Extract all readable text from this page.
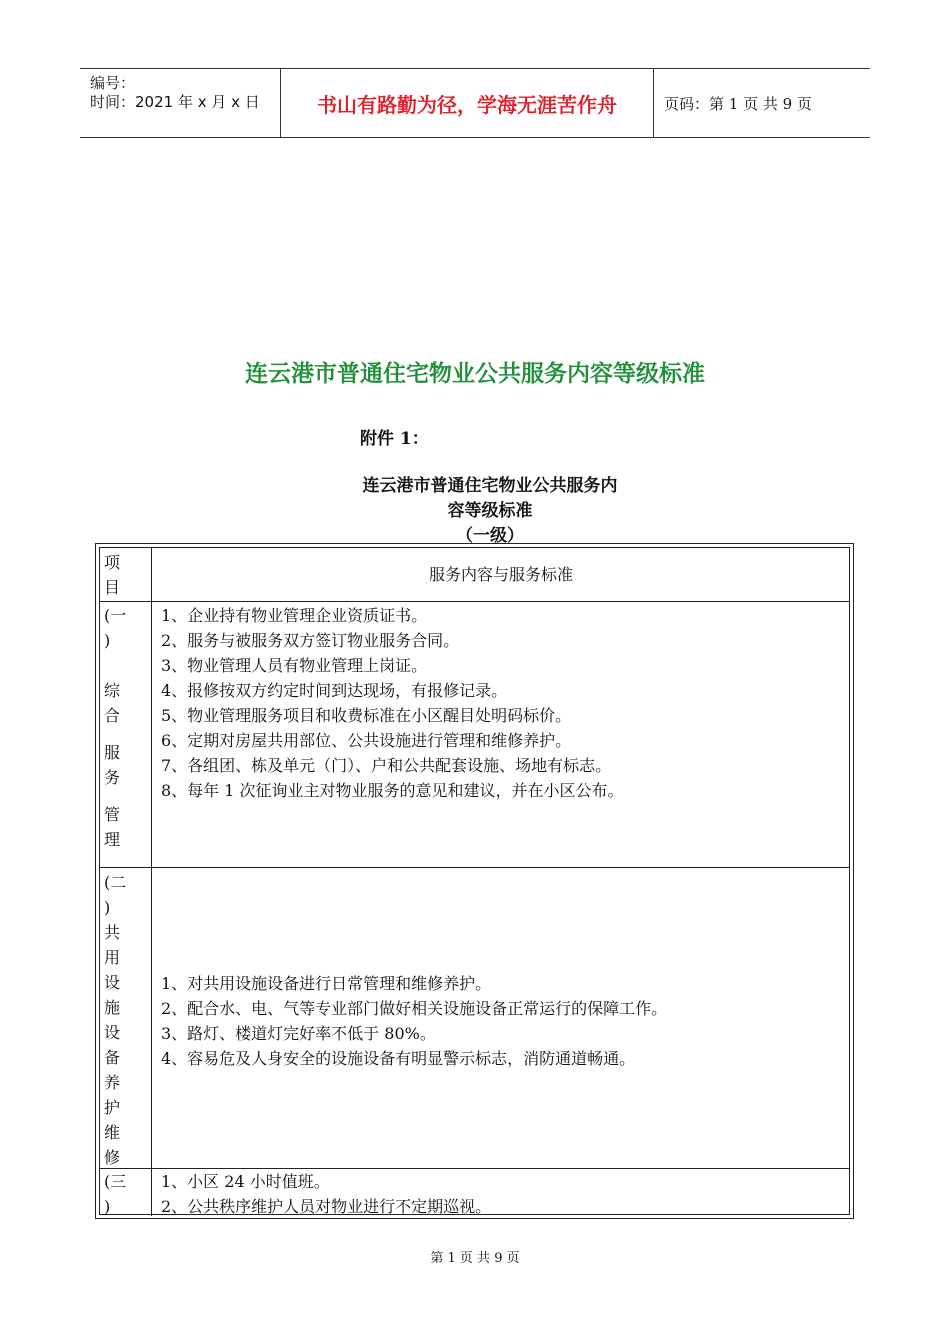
编号：
时间：2021 年 x 月 x 日	书山有路勤为径，学海无涯苦作舟	页码：第 1 页 共 9 页
连云港市普通住宅物业公共服务内容等级标准
附件 1：
连云港市普通住宅物业公共服务内
容等级标准
（一级）
项
目
服务内容与服务标准
(一
)
综
合
服
务
管
理
1、企业持有物业管理企业资质证书。
2、服务与被服务双方签订物业服务合同。
3、物业管理人员有物业管理上岗证。
4、报修按双方约定时间到达现场，有报修记录。
5、物业管理服务项目和收费标准在小区醒目处明码标价。
6、定期对房屋共用部位、公共设施进行管理和维修养护。
7、各组团、栋及单元（门）、户和公共配套设施、场地有标志。
8、每年 1 次征询业主对物业服务的意见和建议，并在小区公布。
(二
)
共
用
设
施
设
备
养
护
维
修
1、对共用设施设备进行日常管理和维修养护。
2、配合水、电、气等专业部门做好相关设施设备正常运行的保障工作。
3、路灯、楼道灯完好率不低于 80%。
4、容易危及人身安全的设施设备有明显警示标志，消防通道畅通。
(三
)
1、小区 24 小时值班。
2、公共秩序维护人员对物业进行不定期巡视。
第 1 页 共 9 页
